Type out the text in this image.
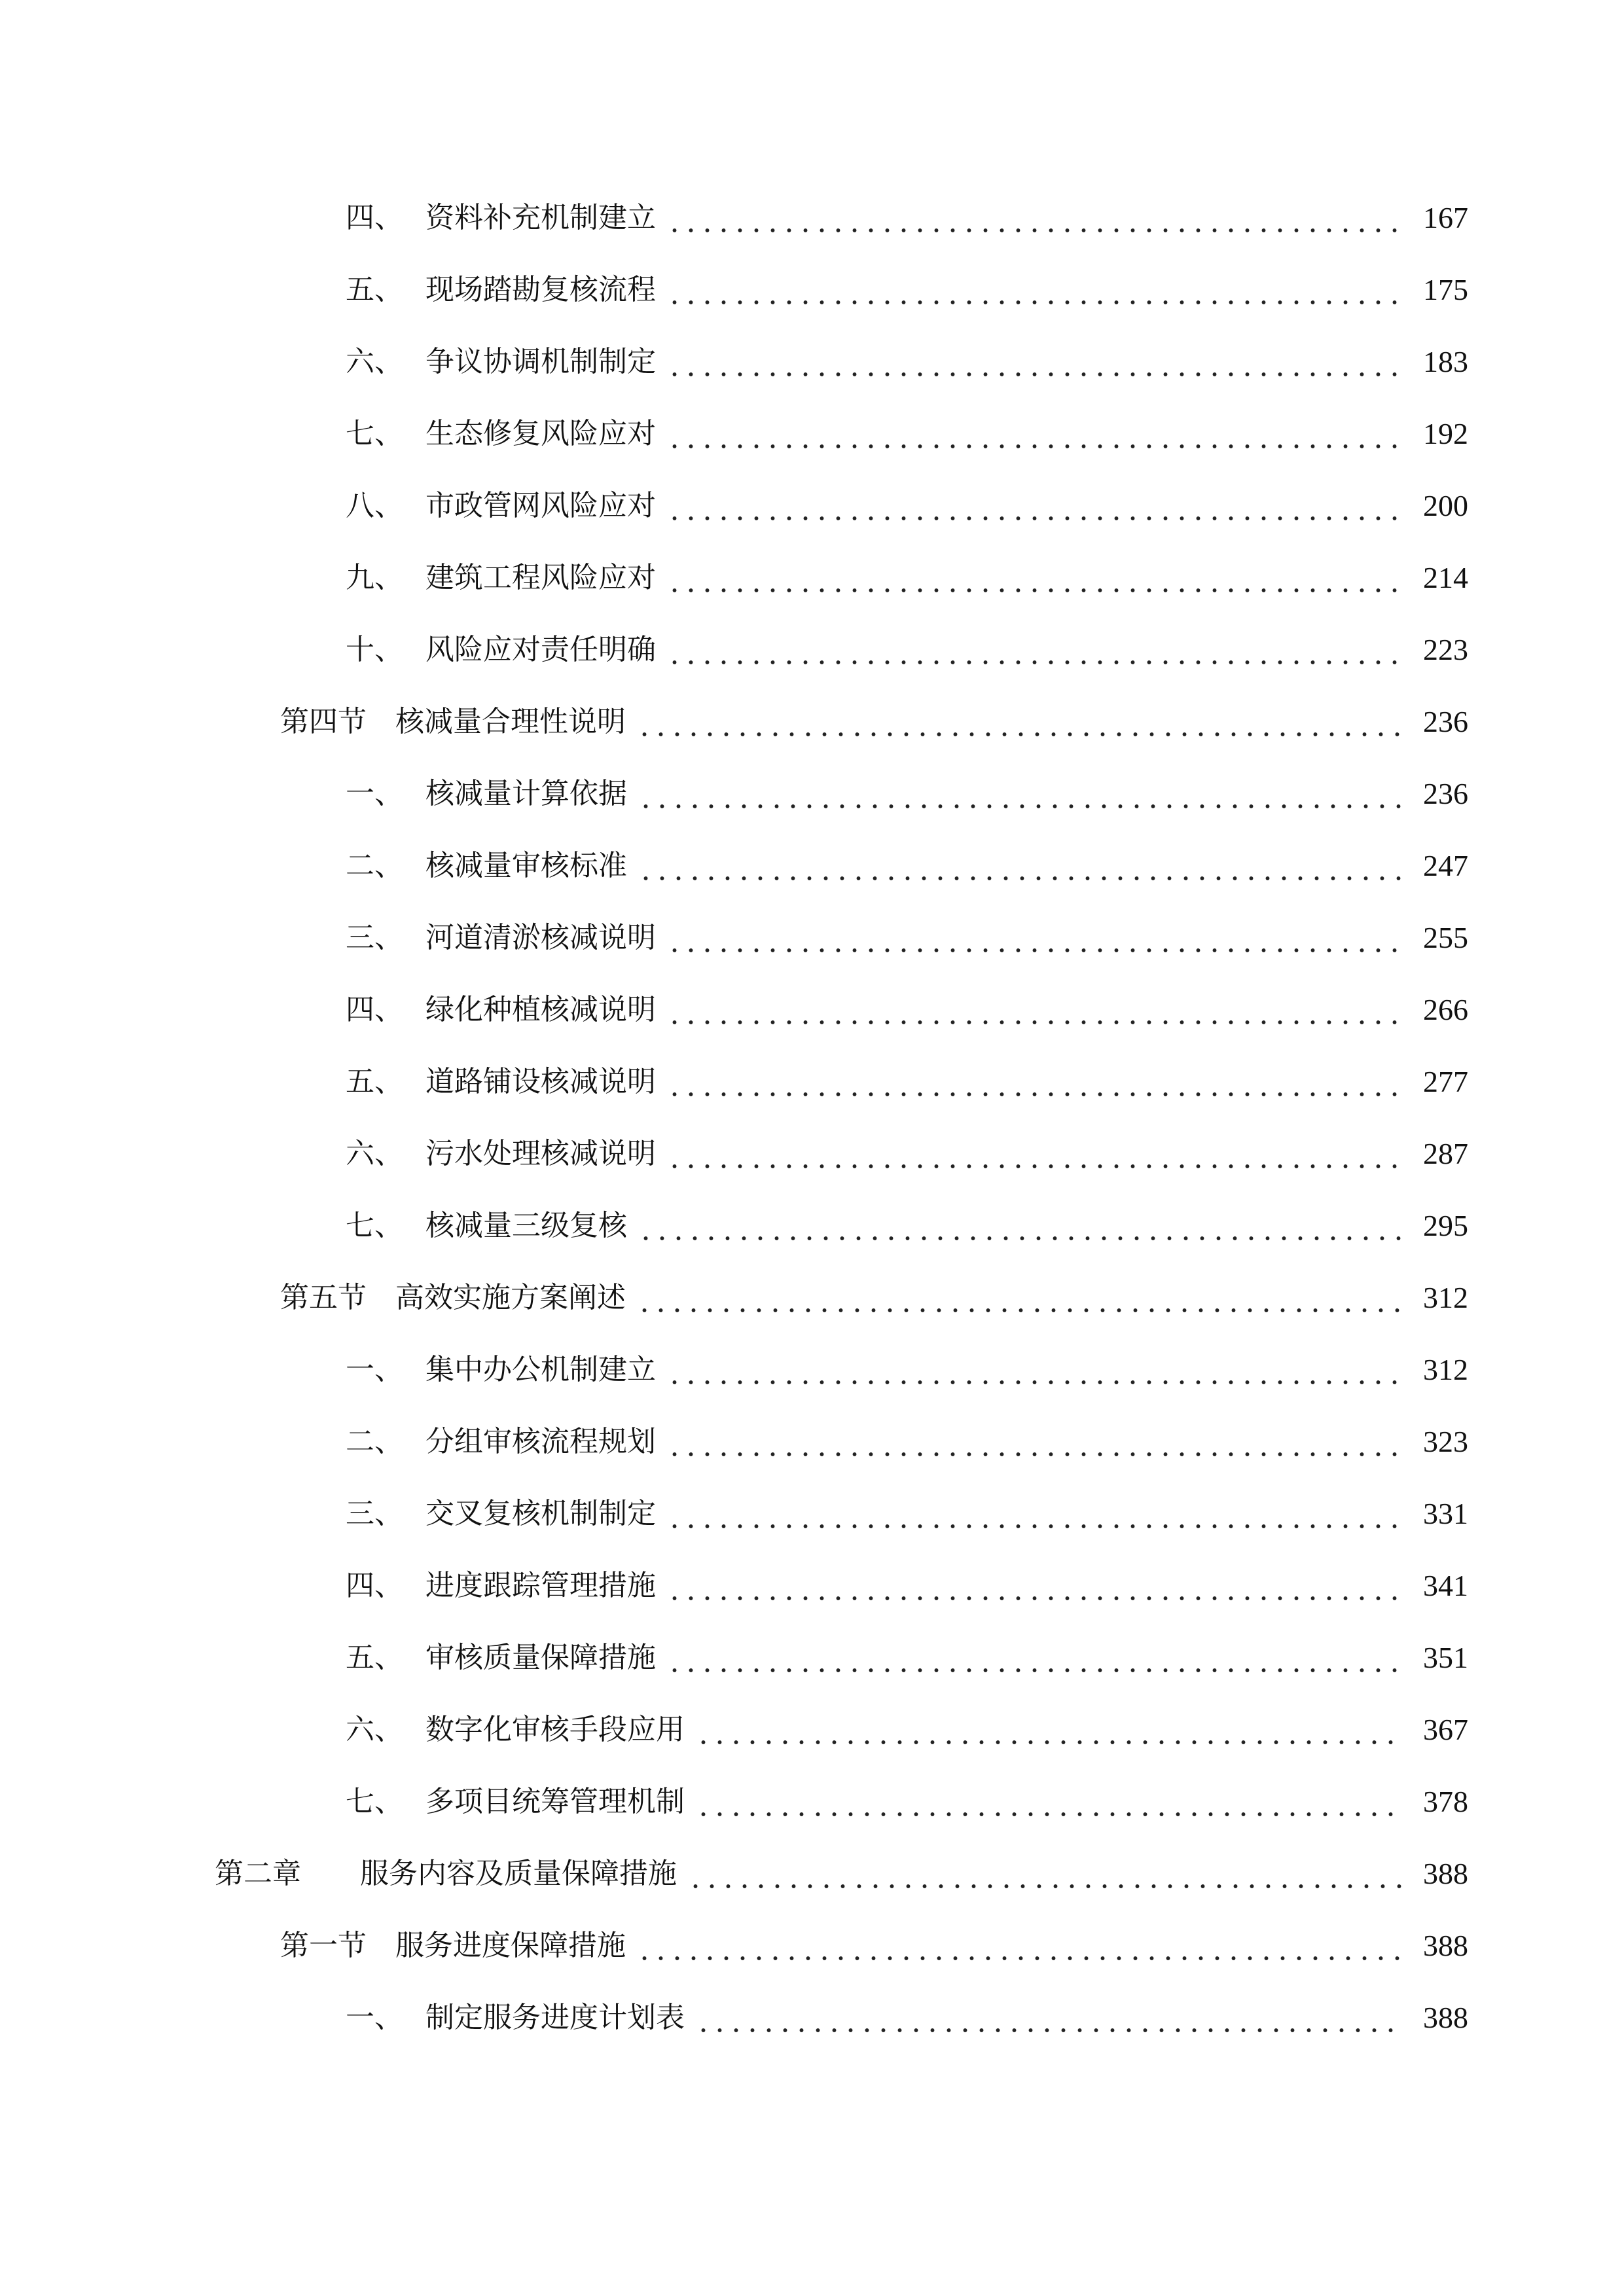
四、 资料补充机制建立	167
五、 现场踏勘复核流程	175
六、 争议协调机制制定	183
七、 生态修复风险应对	192
八、 市政管网风险应对	200
九、 建筑工程风险应对	214
十、 风险应对责任明确	223
第四节	核减量合理性说明	236
一、 核减量计算依据	236
二、 核减量审核标准	247
三、 河道清淤核减说明	255
四、 绿化种植核减说明	266
五、 道路铺设核减说明	277
六、 污水处理核减说明	287
七、 核减量三级复核	295
第五节	高效实施方案阐述	312
一、 集中办公机制建立	312
二、 分组审核流程规划	323
三、 交叉复核机制制定	331
四、 进度跟踪管理措施	341
五、 审核质量保障措施	351
六、 数字化审核手段应用	367
七、 多项目统筹管理机制	378
第二章	服务内容及质量保障措施	388
第一节	服务进度保障措施	388
一、 制定服务进度计划表	388
